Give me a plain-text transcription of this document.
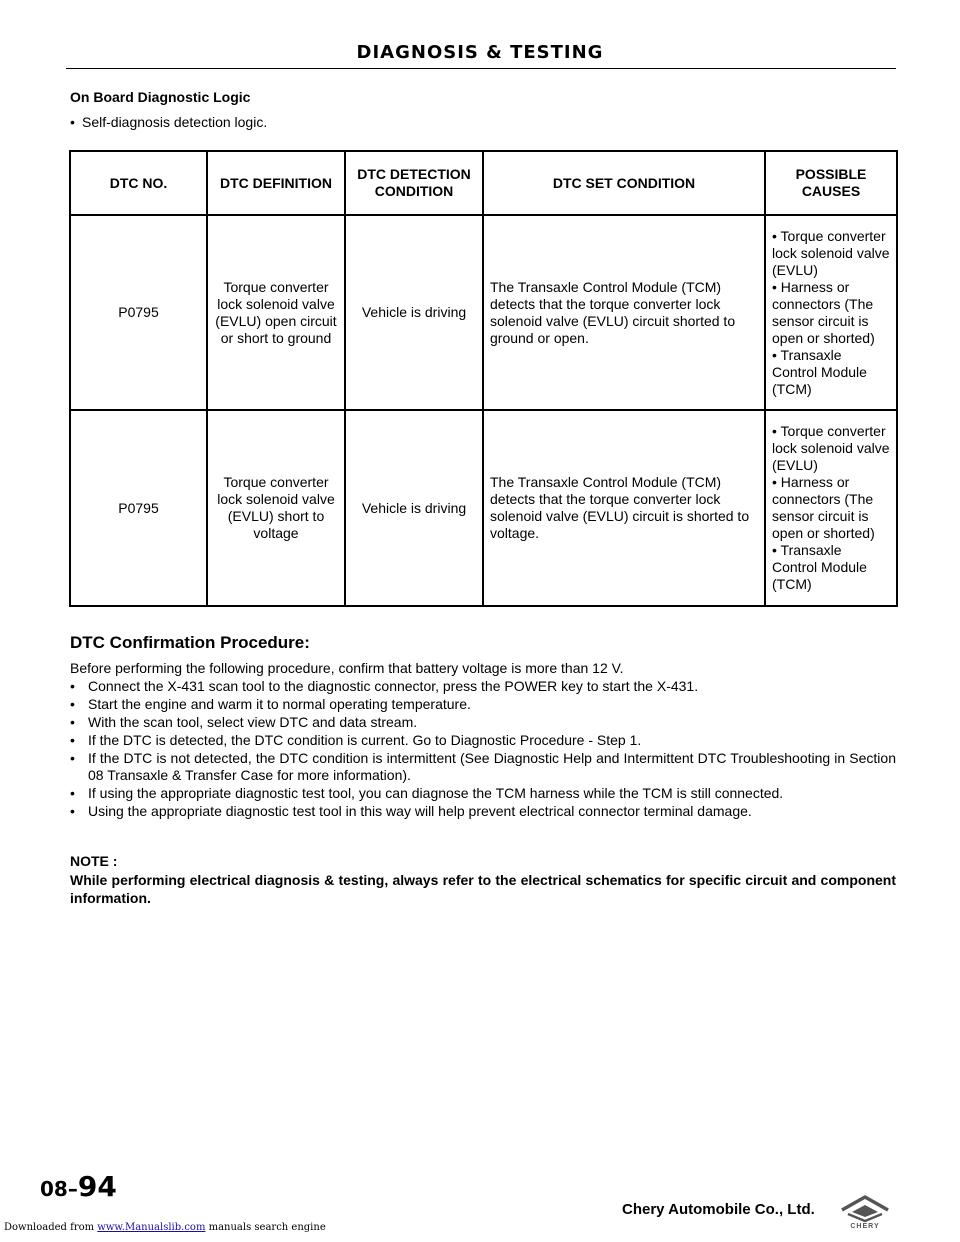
DIAGNOSIS & TESTING
On Board Diagnostic Logic
• Self-diagnosis detection logic.
DTC NO.	DTC DEFINITION	DTC DETECTION CONDITION	DTC SET CONDITION	POSSIBLE CAUSES
P0795	Torque converter lock solenoid valve (EVLU) open circuit or short to ground	Vehicle is driving	The Transaxle Control Module (TCM) detects that the torque converter lock solenoid valve (EVLU) circuit shorted to ground or open.	• Torque converter lock solenoid valve (EVLU)
• Harness or connectors (The sensor circuit is open or shorted)
• Transaxle Control Module (TCM)

P0795	Torque converter lock solenoid valve (EVLU) short to voltage	Vehicle is driving	The Transaxle Control Module (TCM) detects that the torque converter lock solenoid valve (EVLU) circuit is shorted to voltage.	• Torque converter lock solenoid valve (EVLU)
• Harness or connectors (The sensor circuit is open or shorted)
• Transaxle Control Module (TCM)
DTC Confirmation Procedure:

Before performing the following procedure, confirm that battery voltage is more than 12 V.

• Connect the X-431 scan tool to the diagnostic connector, press the POWER key to start the X-431.
• Start the engine and warm it to normal operating temperature.
• With the scan tool, select view DTC and data stream.
• If the DTC is detected, the DTC condition is current. Go to Diagnostic Procedure - Step 1.
• If the DTC is not detected, the DTC condition is intermittent (See Diagnostic Help and Intermittent DTC Troubleshooting in Section 08 Transaxle & Transfer Case for more information).
• If using the appropriate diagnostic test tool, you can diagnose the TCM harness while the TCM is still connected.
• Using the appropriate diagnostic test tool in this way will help prevent electrical connector terminal damage.
NOTE :
While performing electrical diagnosis & testing, always refer to the electrical schematics for specific circuit and component information.
08–94
Chery Automobile Co., Ltd.
CHERY
Downloaded from www.Manualslib.com manuals search engine
